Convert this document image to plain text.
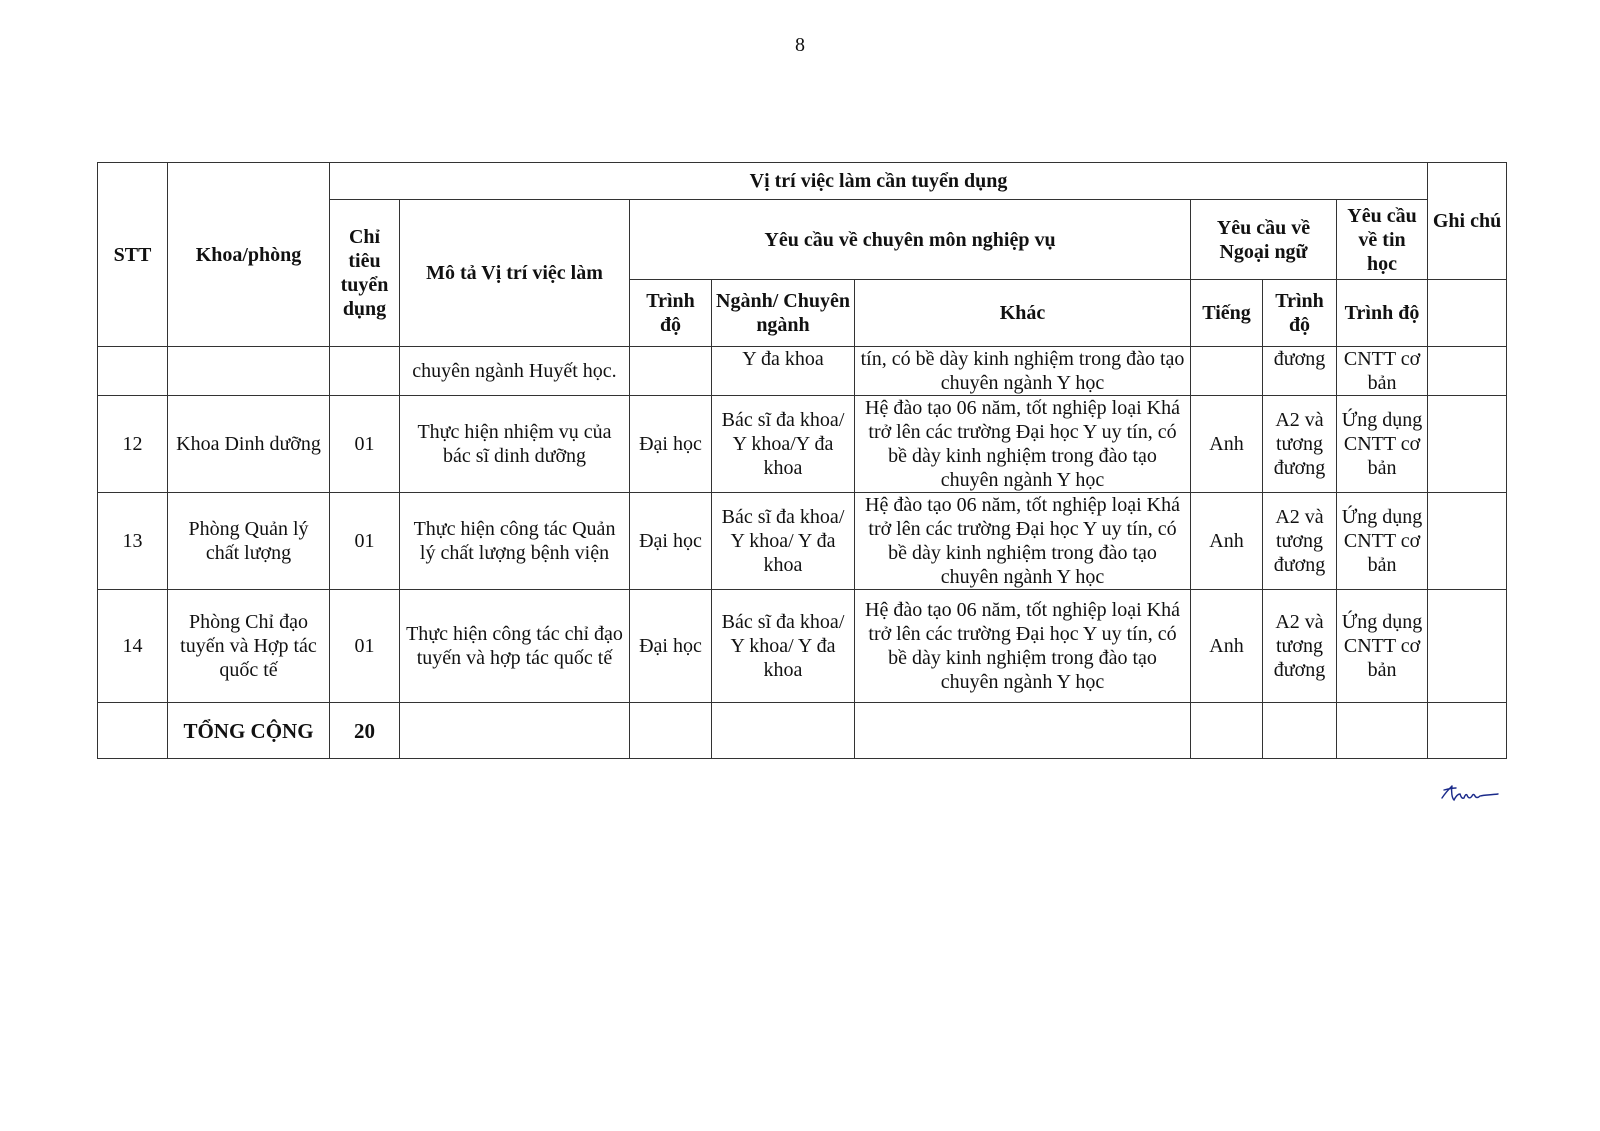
8
STT	Khoa/phòng	Vị trí việc làm cần tuyển dụng								Ghi chú
		Chỉ tiêu tuyển dụng	Mô tả Vị trí việc làm	Yêu cầu về chuyên môn nghiệp vụ			Yêu cầu về Ngoại ngữ		Yêu cầu về tin học	
				Trình độ	Ngành/ Chuyên ngành	Khác	Tiếng	Trình độ	Trình độ	
			chuyên ngành Huyết học.		Y đa khoa	tín, có bề dày kinh nghiệm trong đào tạo chuyên ngành Y học		đương	CNTT cơ bản	
12	Khoa Dinh dưỡng	01	Thực hiện nhiệm vụ của bác sĩ dinh dưỡng	Đại học	Bác sĩ đa khoa/ Y khoa/Y đa khoa	Hệ đào tạo 06 năm, tốt nghiệp loại Khá trở lên các trường Đại học Y uy tín, có bề dày kinh nghiệm trong đào tạo chuyên ngành Y học	Anh	A2 và tương đương	Ứng dụng CNTT cơ bản	
13	Phòng Quản lý chất lượng	01	Thực hiện công tác Quản lý chất lượng bệnh viện	Đại học	Bác sĩ đa khoa/ Y khoa/ Y đa khoa	Hệ đào tạo 06 năm, tốt nghiệp loại Khá trở lên các trường Đại học Y uy tín, có bề dày kinh nghiệm trong đào tạo chuyên ngành Y học	Anh	A2 và tương đương	Ứng dụng CNTT cơ bản	
14	Phòng Chỉ đạo tuyến và Hợp tác quốc tế	01	Thực hiện công tác chỉ đạo tuyến và hợp tác quốc tế	Đại học	Bác sĩ đa khoa/ Y khoa/ Y đa khoa	Hệ đào tạo 06 năm, tốt nghiệp loại Khá trở lên các trường Đại học Y uy tín, có bề dày kinh nghiệm trong đào tạo chuyên ngành Y học	Anh	A2 và tương đương	Ứng dụng CNTT cơ bản	
	TỔNG CỘNG	20								
